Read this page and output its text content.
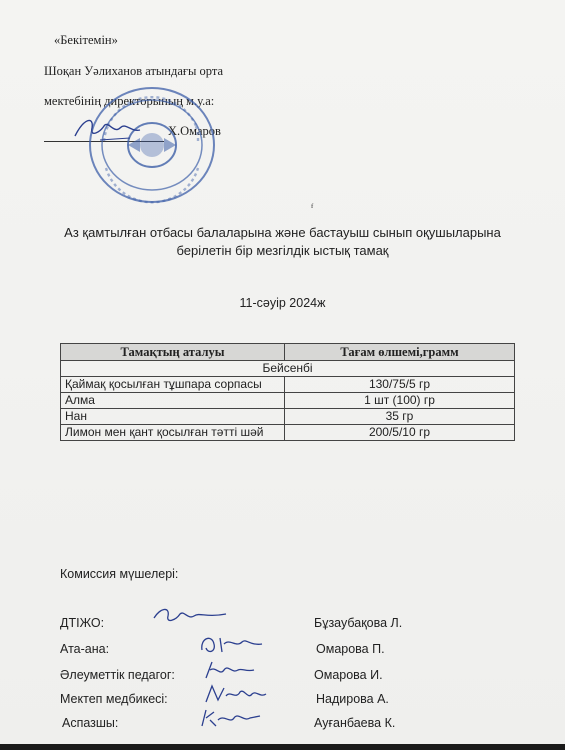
«Бекітемін»
Шоқан Уәлиханов атындағы орта
мектебінің директорының м.у.а:
Х.Омаров
ᶠ
Аз қамтылған отбасы балаларына және бастауыш сынып оқушыларына
берілетін бір мезгілдік ыстық тамақ
11-сәуір 2024ж
Тамақтың аталуы	Тағам өлшемі,грамм
Бейсенбі	
Қаймақ қосылған тұшпара сорпасы	130/75/5 гр
Алма	1 шт (100) гр
Нан	35 гр
Лимон мен қант қосылған тәтті шәй	200/5/10 гр
Комиссия мүшелері:
ДТІЖО:	Бұзаубақова Л.
Ата-ана:	Омарова П.
Әлеуметтік педагог:	Омарова И.
Мектеп медбикесі:	Надирова А.
Аспазшы:	Ауғанбаева К.
